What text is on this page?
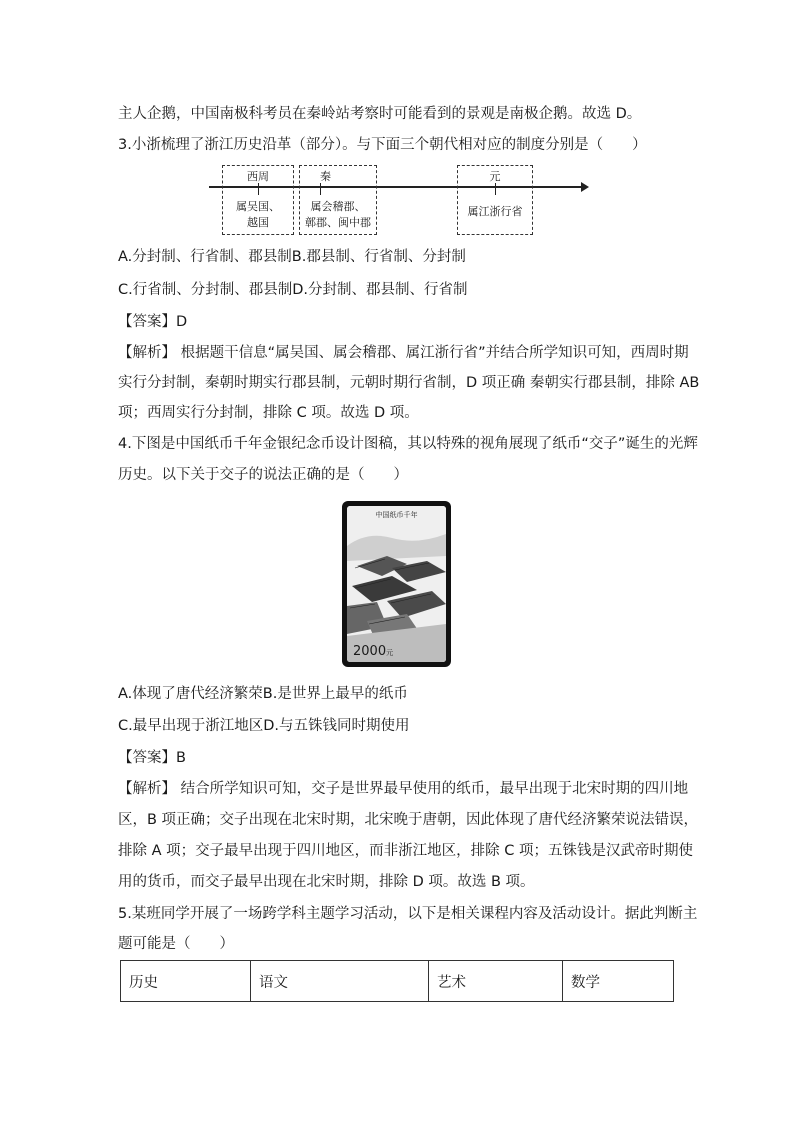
主人企鹅，中国南极科考员在秦岭站考察时可能看到的景观是南极企鹅。故选 D。
3.小浙梳理了浙江历史沿革（部分）。与下面三个朝代相对应的制度分别是（　　）
西周
属吴国、
越国
秦
属会稽郡、
鄣郡、闽中郡
元
属江浙行省
A.分封制、行省制、郡县制B.郡县制、行省制、分封制
C.行省制、分封制、郡县制D.分封制、郡县制、行省制
【答案】D
【解析】 根据题干信息“属吴国、属会稽郡、属江浙行省”并结合所学知识可知，西周时期
实行分封制，秦朝时期实行郡县制，元朝时期行省制，D 项正确 秦朝实行郡县制，排除 AB
项；西周实行分封制，排除 C 项。故选 D 项。
4.下图是中国纸币千年金银纪念币设计图稿，其以特殊的视角展现了纸币“交子”诞生的光辉
历史。以下关于交子的说法正确的是（　　）
中国纸币千年
2000元
A.体现了唐代经济繁荣B.是世界上最早的纸币
C.最早出现于浙江地区D.与五铢钱同时期使用
【答案】B
【解析】 结合所学知识可知，交子是世界最早使用的纸币，最早出现于北宋时期的四川地
区，B 项正确；交子出现在北宋时期，北宋晚于唐朝，因此体现了唐代经济繁荣说法错误，
排除 A 项；交子最早出现于四川地区，而非浙江地区，排除 C 项；五铢钱是汉武帝时期使
用的货币，而交子最早出现在北宋时期，排除 D 项。故选 B 项。
5.某班同学开展了一场跨学科主题学习活动，以下是相关课程内容及活动设计。据此判断主
题可能是（　　）
历史	语文	艺术	数学
